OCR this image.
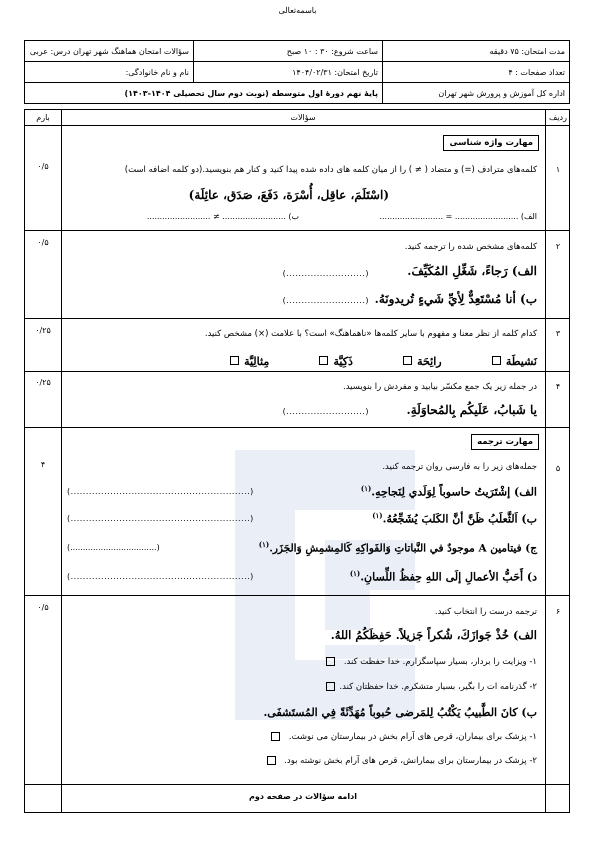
باسمه‌تعالی
سؤالات امتحان هماهنگ شهر تهران درس: عربی	ساعت شروع: ۳۰ : ۱۰ صبح	مدت امتحان: ۷۵ دقیقه
نام و نام خانوادگی:	تاریخ امتحان: ۱۴۰۴/۰۲/۳۱	تعداد صفحات : ۴
پایهٔ نهم دورهٔ اول متوسطه (نوبت دوم سال تحصیلی ۱۴۰۴-۱۴۰۳)		اداره کل آموزش و پرورش شهر تهران
بارم	سؤالات	ردیف
مهارت واژه شناسی
۱
۰/۵	کلمه‌های مترادف (=) و متضاد ( ≠ ) را از میان کلمه های داده شده پیدا کنید و کنار هم بنویسید.(دو کلمه اضافه است)
(اسْتَلَمَ، عاقِل، أُسْرَة، دَفَعَ، صَدَق، عائِلَة)
الف) ......................... = .........................
ب) ......................... ≠ .........................
۲
۰/۵	کلمه‌های مشخص شده را ترجمه کنید.
الف) رَجاءً، شَغِّلِ المُكَيِّفَ.
(..........................)
ب) أنا مُسْتَعِدٌّ لِأيِّ شَيءٍ تُريدونَهُ.
(..........................)
۳
۰/۲۵	کدام کلمه از نظر معنا و مفهوم با سایر کلمه‌ها «ناهماهنگ» است؟ با علامت (×) مشخص کنید.
نَشيطَة   رائِحَة   ذَكِيَّة   مِثالِيَّة
۴
۰/۲۵	در جمله زیر یک جمع مکسّر بیابید و مفردش را بنویسید.
يا شَبابُ، عَلَيكُم بِالمُحاوَلَةِ.
(..........................)
مهارت ترجمه
۵
۴	جمله‌های زیر را به فارسی روان ترجمه کنید.
الف) إشْتَرَيتُ حاسوباً لِوَلَدي لِنَجاحِهِ.$^{(۱)}$
(...........................................................)
ب) اَلثَّعلَبُ ظَنَّ أنَّ الكَلبَ يُشَجِّعُهُ.$^{(۱)}$
(...........................................................)
ج) فيتامين A موجودٌ في النَّباتاتِ وَالفَواكِهِ كَالمِشمِشِ وَالجَزَر.$^{(۱)}$
(..................................)
د) أَحَبُّ الأعمالِ إلَى اللهِ حِفظُ اللِّسانِ.$^{(۱)}$
(...........................................................)
۶
۰/۵	ترجمه درست را انتخاب کنید.
الف) خُذْ جَوازَكَ، شُكراً جَزيلاً. حَفِظَكُمُ اللهُ.
۱- ویزایت را بردار، بسیار سپاسگزارم. خدا حفظت کند.
۲- گذرنامه ات را بگیر، بسیار متشکرم. خدا حفظتان کند.
ب) كانَ الطَّبيبُ يَكْتُبُ لِلمَرضى حُبوباً مُهَدِّئَةً فِي المُستَشفَى.
۱- پزشک برای بیماران، قرص های آرام بخش در بیمارستان می نوشت.
۲- پزشک در بیمارستان برای بیمارانش، قرص های آرام بخش نوشته بود.
ادامه سؤالات در صفحه دوم
